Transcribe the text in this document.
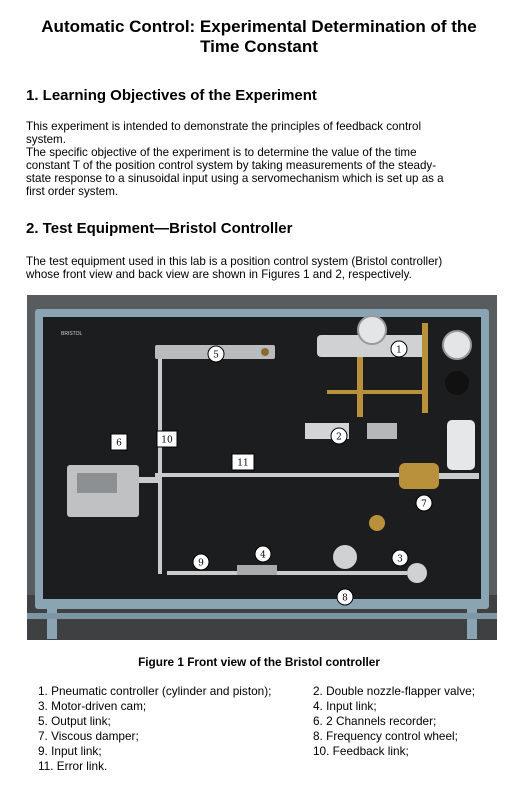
Automatic Control: Experimental Determination of the
Time Constant
1. Learning Objectives of the Experiment
This experiment is intended to demonstrate the principles of feedback control
system.
The specific objective of the experiment is to determine the value of the time
constant T of the position control system by taking measurements of the steady-
state response to a sinusoidal input using a servomechanism which is set up as a
first order system.
2. Test Equipment—Bristol Controller
The test equipment used in this lab is a position control system (Bristol controller)
whose front view and back view are shown in Figures 1 and 2, respectively.
BRISTOL
1
2
3
4
5
6
7
8
9
10
11
Figure 1 Front view of the Bristol controller
1. Pneumatic controller (cylinder and piston);	2. Double nozzle-flapper valve;
3. Motor-driven cam;	4. Input link;
5. Output link;	6. 2 Channels recorder;
7. Viscous damper;	8. Frequency control wheel;
9. Input link;	10. Feedback link;
11. Error link.
